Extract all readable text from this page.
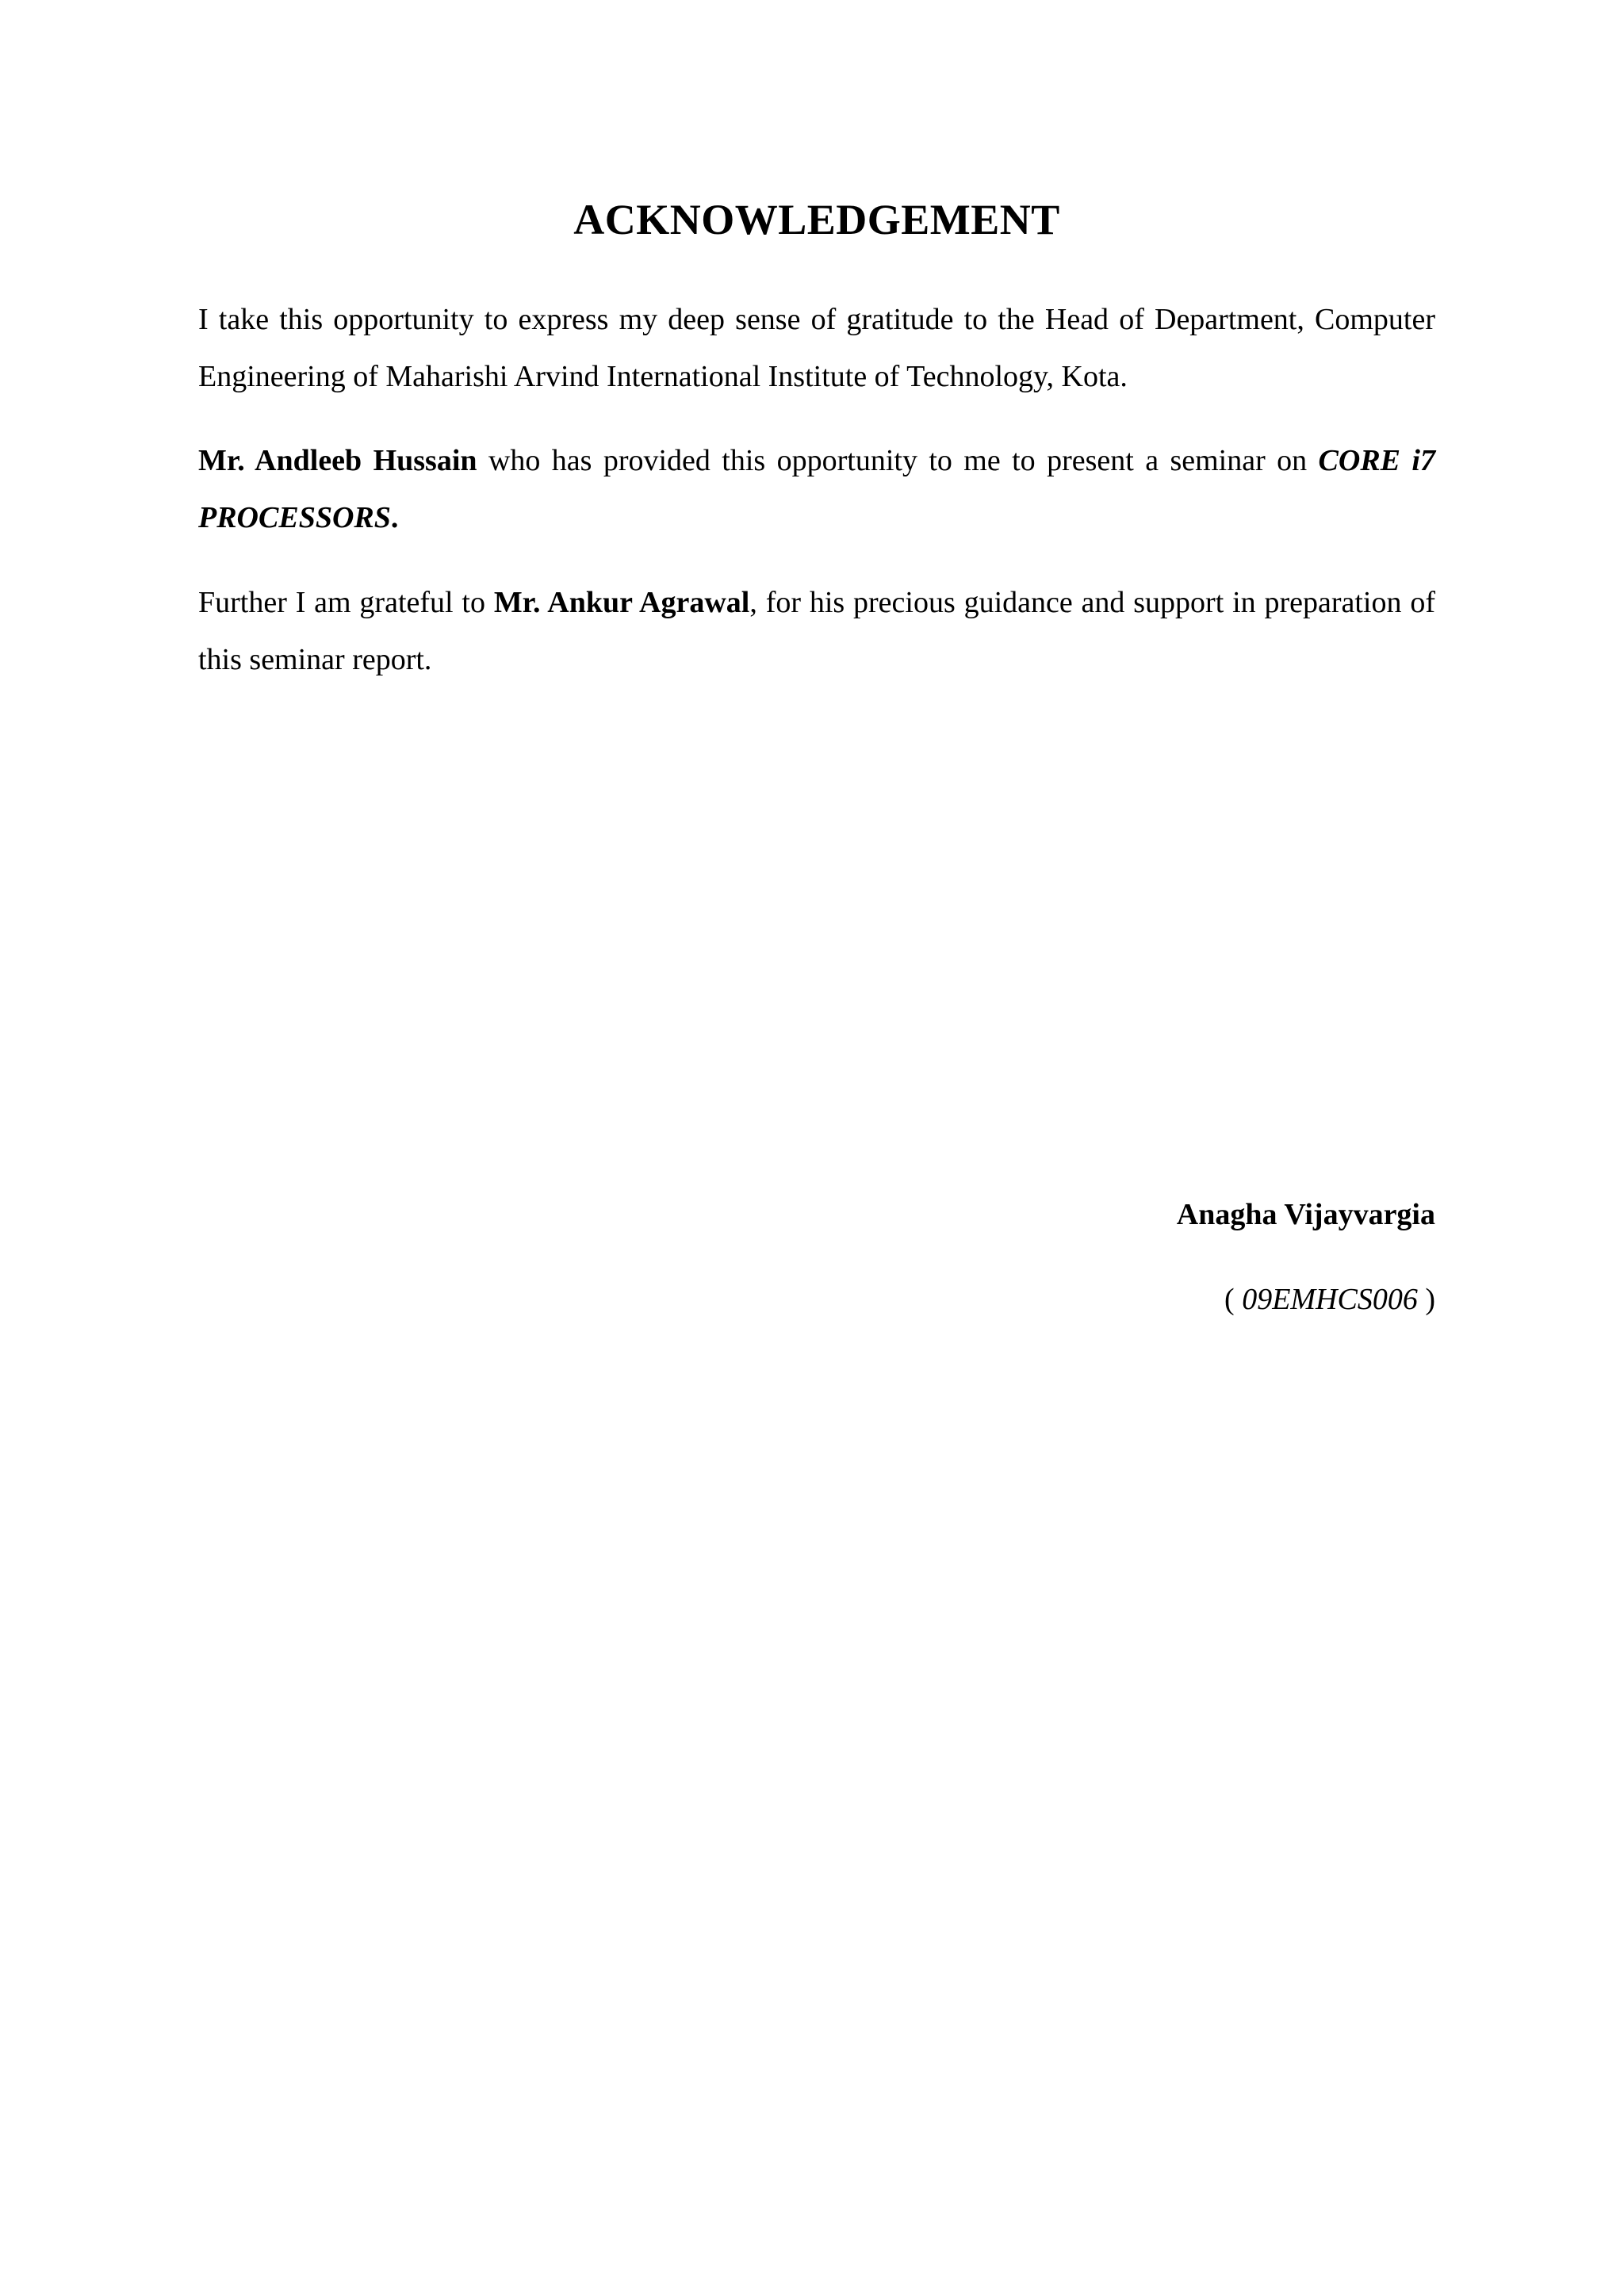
ACKNOWLEDGEMENT

I take this opportunity to express my deep sense of gratitude to the Head of Department, Computer Engineering of Maharishi Arvind International Institute of Technology, Kota.

Mr. Andleeb Hussain who has provided this opportunity to me to present a seminar on CORE i7 PROCESSORS.

Further I am grateful to Mr. Ankur Agrawal, for his precious guidance and support in preparation of this seminar report.

Anagha Vijayvargia
( 09EMHCS006 )
